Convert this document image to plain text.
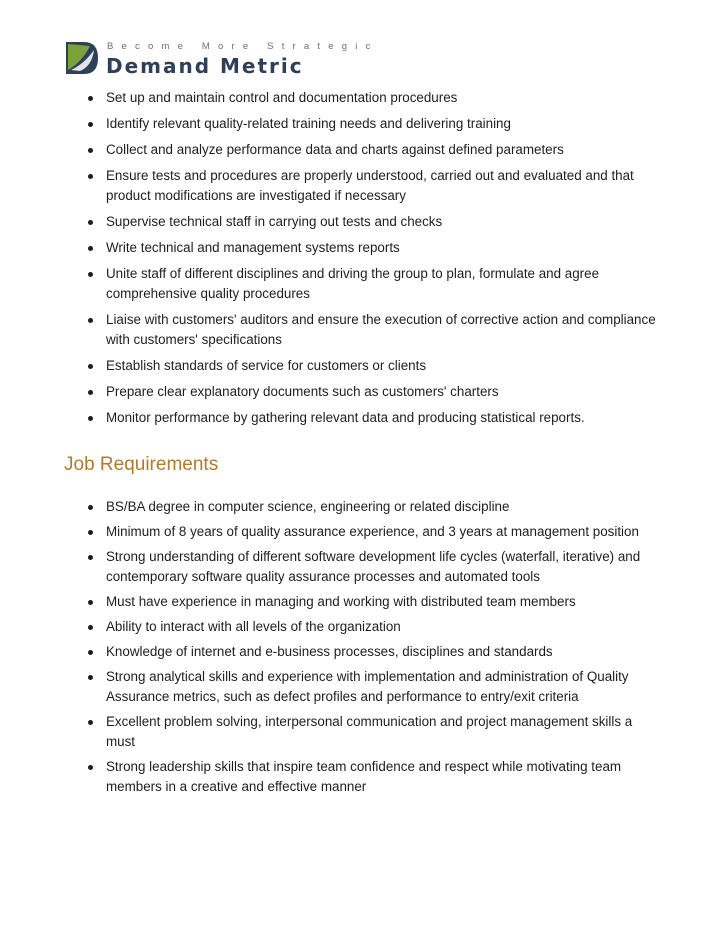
Become More Strategic
Demand Metric
Set up and maintain control and documentation procedures
Identify relevant quality-related training needs and delivering training
Collect and analyze performance data and charts against defined parameters
Ensure tests and procedures are properly understood, carried out and evaluated and that product modifications are investigated if necessary
Supervise technical staff in carrying out tests and checks
Write technical and management systems reports
Unite staff of different disciplines and driving the group to plan, formulate and agree comprehensive quality procedures
Liaise with customers' auditors and ensure the execution of corrective action and compliance with customers' specifications
Establish standards of service for customers or clients
Prepare clear explanatory documents such as customers' charters
Monitor performance by gathering relevant data and producing statistical reports.
Job Requirements
BS/BA degree in computer science, engineering or related discipline
Minimum of 8 years of quality assurance experience, and 3 years at management position
Strong understanding of different software development life cycles (waterfall, iterative) and contemporary software quality assurance processes and automated tools
Must have experience in managing and working with distributed team members
Ability to interact with all levels of the organization
Knowledge of internet and e-business processes, disciplines and standards
Strong analytical skills and experience with implementation and administration of Quality Assurance metrics, such as defect profiles and performance to entry/exit criteria
Excellent problem solving, interpersonal communication and project management skills a must
Strong leadership skills that inspire team confidence and respect while motivating team members in a creative and effective manner
